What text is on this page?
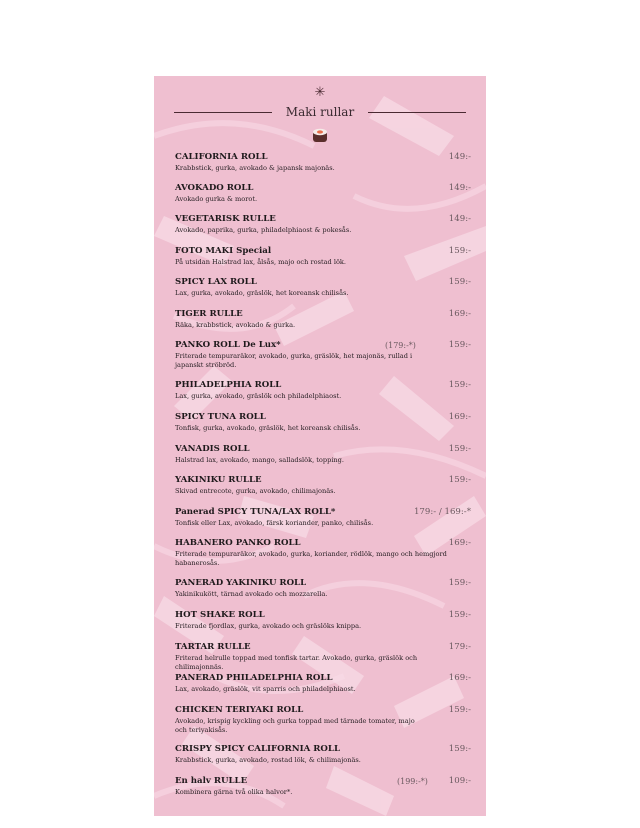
✳
Maki rullar
CALIFORNIA ROLL	149:-
Krabbstick, gurka, avokado & japansk majonäs.
AVOKADO ROLL	149:-
Avokado gurka & morot.
VEGETARISK RULLE	149:-
Avokado, paprika, gurka, philadelphiaost & pokesås.
FOTO MAKI Special	159:-
På utsidan Halstrad lax, ålsås, majo och rostad lök.
SPICY LAX ROLL	159:-
Lax, gurka, avokado, gräslök, het koreansk chilisås.
TIGER RULLE	169:-
Räka, krabbstick, avokado & gurka.
PANKO ROLL De Lux*	(179:-*)	159:-
Friterade tempuraräkor, avokado, gurka, gräslök, het majonäs, rullad i japanskt ströbröd.
PHILADELPHIA ROLL	159:-
Lax, gurka, avokado, gräslök och philadelphiaost.
SPICY TUNA ROLL	169:-
Tonfisk, gurka, avokado, gräslök, het koreansk chilisås.
VANADIS ROLL	159:-
Halstrad lax, avokado, mango, salladslök, topping.
YAKINIKU RULLE	159:-
Skivad entrecote, gurka, avokado, chilimajonäs.
Panerad SPICY TUNA/LAX ROLL*	179:- / 169:-*
Tonfisk eller Lax, avokado, färsk koriander, panko, chilisås.
HABANERO PANKO ROLL	169:-
Friterade tempuraräkor, avokado, gurka, koriander, rödlök, mango och hemgjord habanerosås.
PANERAD YAKINIKU ROLL	159:-
Yakinikukött, tärnad avokado och mozzarella.
HOT SHAKE ROLL	159:-
Friterade fjordlax, gurka, avokado och gräslöks knippa.
TARTAR RULLE	179:-
Friterad helrulle toppad med tonfisk tartar. Avokado, gurka, gräslök och chilimajonnäs.
PANERAD PHILADELPHIA ROLL	169:-
Lax, avokado, gräslök, vit sparris och philadelphiaost.
CHICKEN TERIYAKI ROLL	159:-
Avokado, krispig kyckling och gurka toppad med tärnade tomater, majo och teriyakisås.
CRISPY SPICY CALIFORNIA ROLL	159:-
Krabbstick, gurka, avokado, rostad lök, & chilimajonäs.
En halv RULLE	(199:-*) 109:-
Kombinera gärna två olika halvor*.
